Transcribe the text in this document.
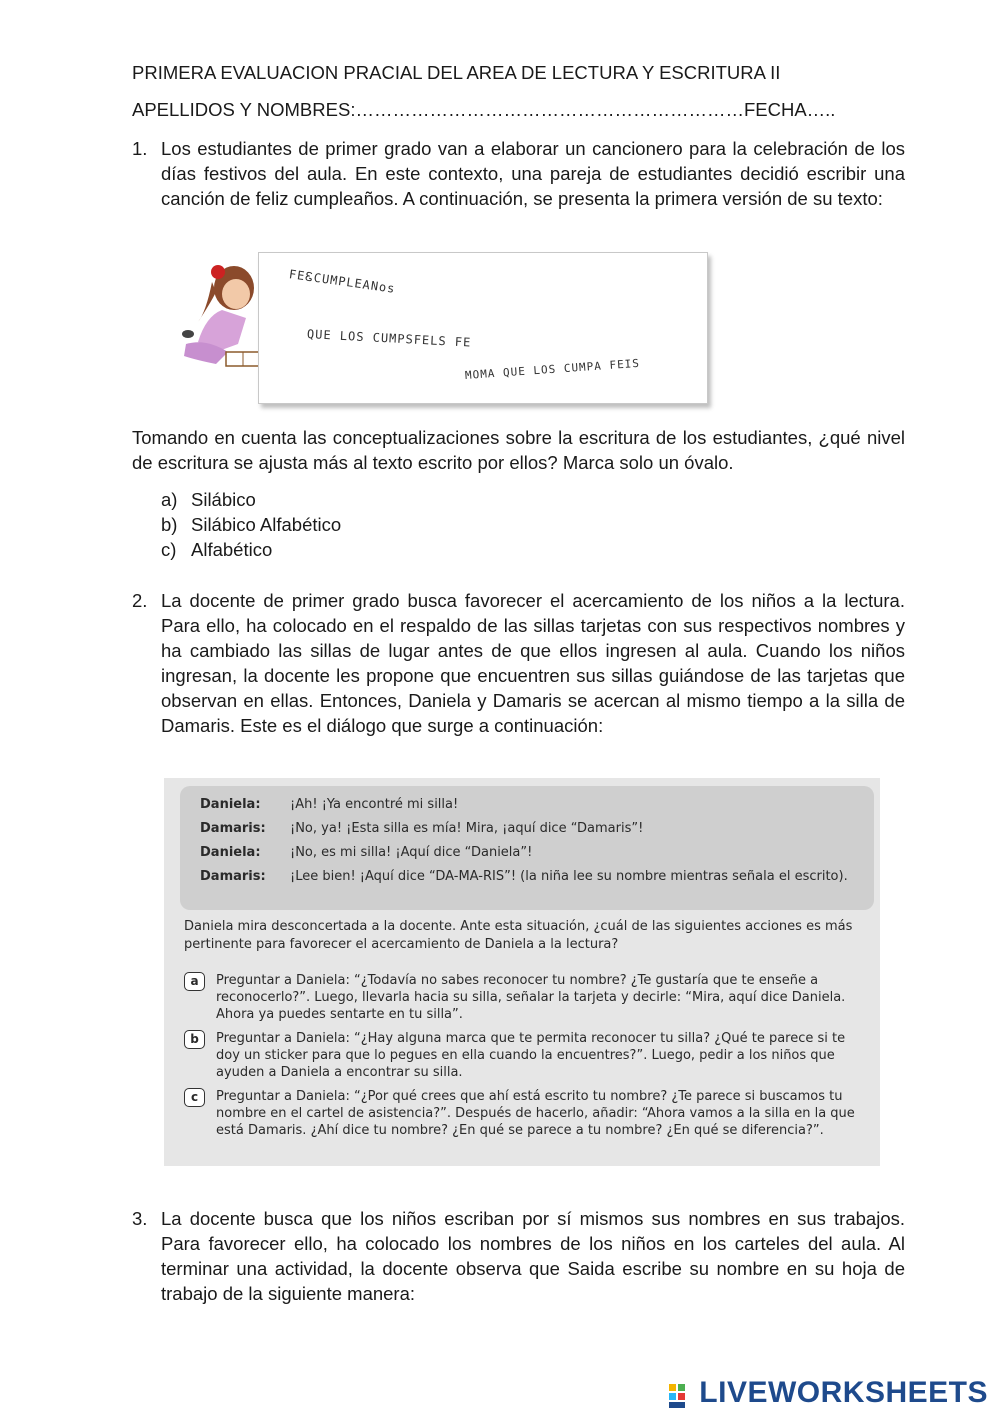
PRIMERA EVALUACION PRACIAL DEL AREA DE LECTURA Y ESCRITURA II
APELLIDOS Y NOMBRES:………………………………………………………FECHA…..
1. Los estudiantes de primer grado van a elaborar un cancionero para la celebración de los días festivos del aula. En este contexto, una pareja de estudiantes decidió escribir una canción de feliz cumpleaños. A continuación, se presenta la primera versión de su texto:
FEᏋCUMPLEANos
QUE LOS CUMPSFELS FE
MOMA QUE LOS CUMPA FEIS
Tomando en cuenta las conceptualizaciones sobre la escritura de los estudiantes, ¿qué nivel de escritura se ajusta más al texto escrito por ellos? Marca solo un óvalo.
a) Silábico
b) Silábico Alfabético
c) Alfabético
2. La docente de primer grado busca favorecer el acercamiento de los niños a la lectura. Para ello, ha colocado en el respaldo de las sillas tarjetas con sus respectivos nombres y ha cambiado las sillas de lugar antes de que ellos ingresen al aula. Cuando los niños ingresan, la docente les propone que encuentren sus sillas guiándose de las tarjetas que observan en ellas. Entonces, Daniela y Damaris se acercan al mismo tiempo a la silla de Damaris. Este es el diálogo que surge a continuación:
Daniela:	¡Ah! ¡Ya encontré mi silla!
Damaris:	¡No, ya! ¡Esta silla es mía! Mira, ¡aquí dice “Damaris”!
Daniela:	¡No, es mi silla! ¡Aquí dice “Daniela”!
Damaris:	¡Lee bien! ¡Aquí dice “DA-MA-RIS”! (la niña lee su nombre mientras señala el escrito).
Daniela mira desconcertada a la docente. Ante esta situación, ¿cuál de las siguientes acciones es más pertinente para favorecer el acercamiento de Daniela a la lectura?
a	Preguntar a Daniela: “¿Todavía no sabes reconocer tu nombre? ¿Te gustaría que te enseñe a reconocerlo?”. Luego, llevarla hacia su silla, señalar la tarjeta y decirle: “Mira, aquí dice Daniela. Ahora ya puedes sentarte en tu silla”.
b	Preguntar a Daniela: “¿Hay alguna marca que te permita reconocer tu silla? ¿Qué te parece si te doy un sticker para que lo pegues en ella cuando la encuentres?”. Luego, pedir a los niños que ayuden a Daniela a encontrar su silla.
c	Preguntar a Daniela: “¿Por qué crees que ahí está escrito tu nombre? ¿Te parece si buscamos tu nombre en el cartel de asistencia?”. Después de hacerlo, añadir: “Ahora vamos a la silla en la que está Damaris. ¿Ahí dice tu nombre? ¿En qué se parece a tu nombre? ¿En qué se diferencia?”.
3. La docente busca que los niños escriban por sí mismos sus nombres en sus trabajos. Para favorecer ello, ha colocado los nombres de los niños en los carteles del aula. Al terminar una actividad, la docente observa que Saida escribe su nombre en su hoja de trabajo de la siguiente manera:
LIVEWORKSHEETS
